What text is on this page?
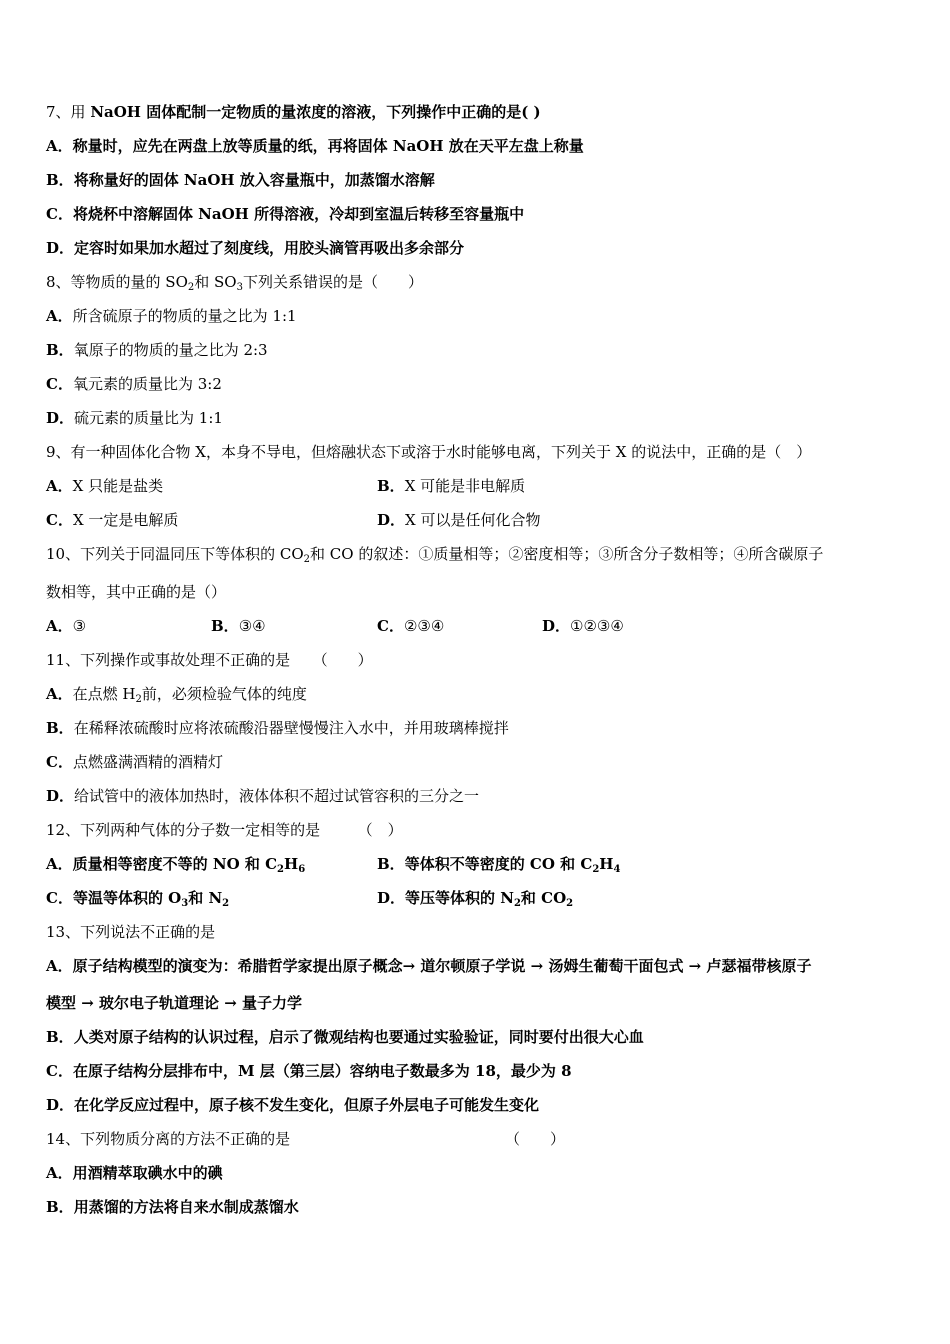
7、用 NaOH 固体配制一定物质的量浓度的溶液，下列操作中正确的是( )
A．称量时，应先在两盘上放等质量的纸，再将固体 NaOH 放在天平左盘上称量
B．将称量好的固体 NaOH 放入容量瓶中，加蒸馏水溶解
C．将烧杯中溶解固体 NaOH 所得溶液，冷却到室温后转移至容量瓶中
D．定容时如果加水超过了刻度线，用胶头滴管再吸出多余部分
8、等物质的量的 $SO_2$和 $SO_3$下列关系错误的是（　　）
A．所含硫原子的物质的量之比为 1:1
B．氧原子的物质的量之比为 2:3
C．氧元素的质量比为 3:2
D．硫元素的质量比为 1:1
9、有一种固体化合物 X，本身不导电，但熔融状态下或溶于水时能够电离，下列关于 X 的说法中，正确的是（　）
A．X 只能是盐类	B．X 可能是非电解质
C．X 一定是电解质	D．X 可以是任何化合物
10、下列关于同温同压下等体积的 $CO_2$和 CO 的叙述：①质量相等；②密度相等；③所含分子数相等；④所含碳原子
数相等，其中正确的是（）
A．③	B．③④	C．②③④	D．①②③④
11、下列操作或事故处理不正确的是　　（　　）
A．在点燃 $H_2$前，必须检验气体的纯度
B．在稀释浓硫酸时应将浓硫酸沿器壁慢慢注入水中，并用玻璃棒搅拌
C．点燃盛满酒精的酒精灯
D．给试管中的液体加热时，液体体积不超过试管容积的三分之一
12、下列两种气体的分子数一定相等的是　　　（　）
A．质量相等密度不等的 NO 和 $C_2H_6$	B．等体积不等密度的 CO 和 $C_2H_4$
C．等温等体积的 $O_3$和 $N_2$	D．等压等体积的 $N_2$和 $CO_2$
13、下列说法不正确的是
A．原子结构模型的演变为：希腊哲学家提出原子概念→ 道尔顿原子学说 → 汤姆生葡萄干面包式 → 卢瑟福带核原子
模型 → 玻尔电子轨道理论 → 量子力学
B．人类对原子结构的认识过程，启示了微观结构也要通过实验验证，同时要付出很大心血
C．在原子结构分层排布中，M 层（第三层）容纳电子数最多为 18，最少为 8
D．在化学反应过程中，原子核不发生变化，但原子外层电子可能发生变化
14、下列物质分离的方法不正确的是	（　　）
A．用酒精萃取碘水中的碘
B．用蒸馏的方法将自来水制成蒸馏水
